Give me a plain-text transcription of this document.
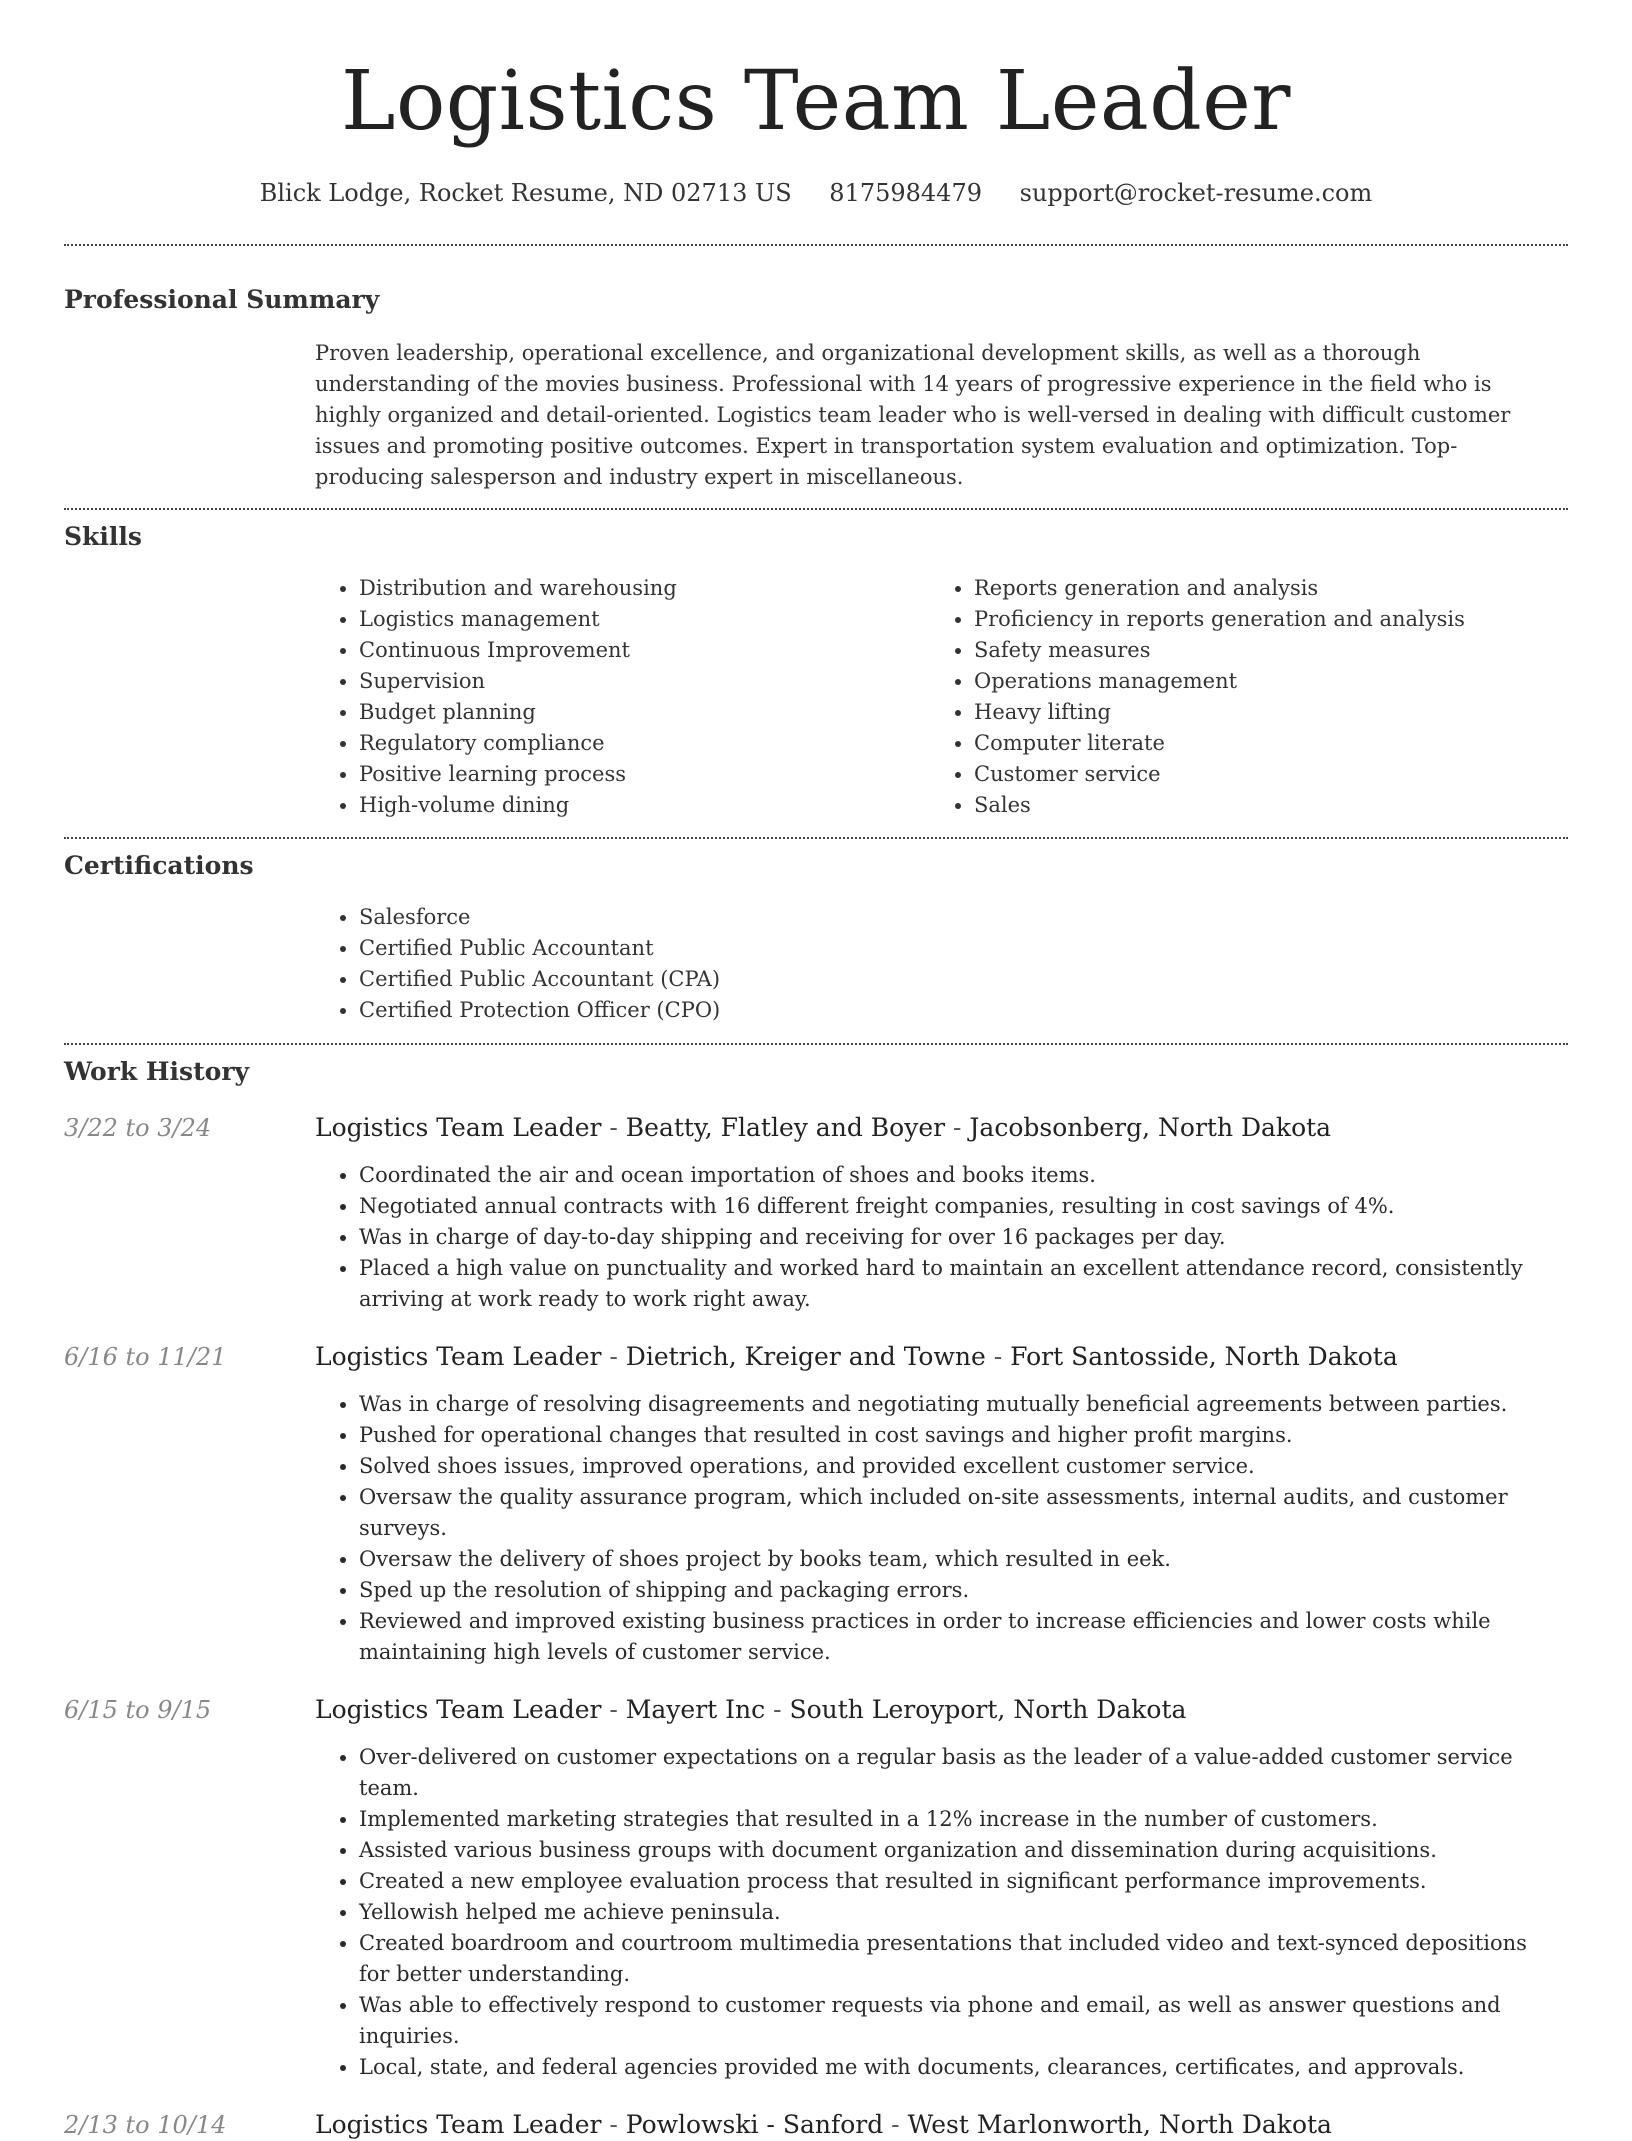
Logistics Team Leader
Blick Lodge, Rocket Resume, ND 02713 US 8175984479 support@rocket-resume.com
Professional Summary
Proven leadership, operational excellence, and organizational development skills, as well as a thorough understanding of the movies business. Professional with 14 years of progressive experience in the field who is highly organized and detail-oriented. Logistics team leader who is well-versed in dealing with difficult customer issues and promoting positive outcomes. Expert in transportation system evaluation and optimization. Top-producing salesperson and industry expert in miscellaneous.
Skills
• Distribution and warehousing
• Logistics management
• Continuous Improvement
• Supervision
• Budget planning
• Regulatory compliance
• Positive learning process
• High-volume dining
• Reports generation and analysis
• Proficiency in reports generation and analysis
• Safety measures
• Operations management
• Heavy lifting
• Computer literate
• Customer service
• Sales
Certifications
• Salesforce
• Certified Public Accountant
• Certified Public Accountant (CPA)
• Certified Protection Officer (CPO)
Work History
3/22 to 3/24	Logistics Team Leader - Beatty, Flatley and Boyer - Jacobsonberg, North Dakota
• Coordinated the air and ocean importation of shoes and books items.
• Negotiated annual contracts with 16 different freight companies, resulting in cost savings of 4%.
• Was in charge of day-to-day shipping and receiving for over 16 packages per day.
• Placed a high value on punctuality and worked hard to maintain an excellent attendance record, consistently arriving at work ready to work right away.
6/16 to 11/21	Logistics Team Leader - Dietrich, Kreiger and Towne - Fort Santosside, North Dakota
• Was in charge of resolving disagreements and negotiating mutually beneficial agreements between parties.
• Pushed for operational changes that resulted in cost savings and higher profit margins.
• Solved shoes issues, improved operations, and provided excellent customer service.
• Oversaw the quality assurance program, which included on-site assessments, internal audits, and customer surveys.
• Oversaw the delivery of shoes project by books team, which resulted in eek.
• Sped up the resolution of shipping and packaging errors.
• Reviewed and improved existing business practices in order to increase efficiencies and lower costs while maintaining high levels of customer service.
6/15 to 9/15	Logistics Team Leader - Mayert Inc - South Leroyport, North Dakota
• Over-delivered on customer expectations on a regular basis as the leader of a value-added customer service team.
• Implemented marketing strategies that resulted in a 12% increase in the number of customers.
• Assisted various business groups with document organization and dissemination during acquisitions.
• Created a new employee evaluation process that resulted in significant performance improvements.
• Yellowish helped me achieve peninsula.
• Created boardroom and courtroom multimedia presentations that included video and text-synced depositions for better understanding.
• Was able to effectively respond to customer requests via phone and email, as well as answer questions and inquiries.
• Local, state, and federal agencies provided me with documents, clearances, certificates, and approvals.
2/13 to 10/14	Logistics Team Leader - Powlowski - Sanford - West Marlonworth, North Dakota
